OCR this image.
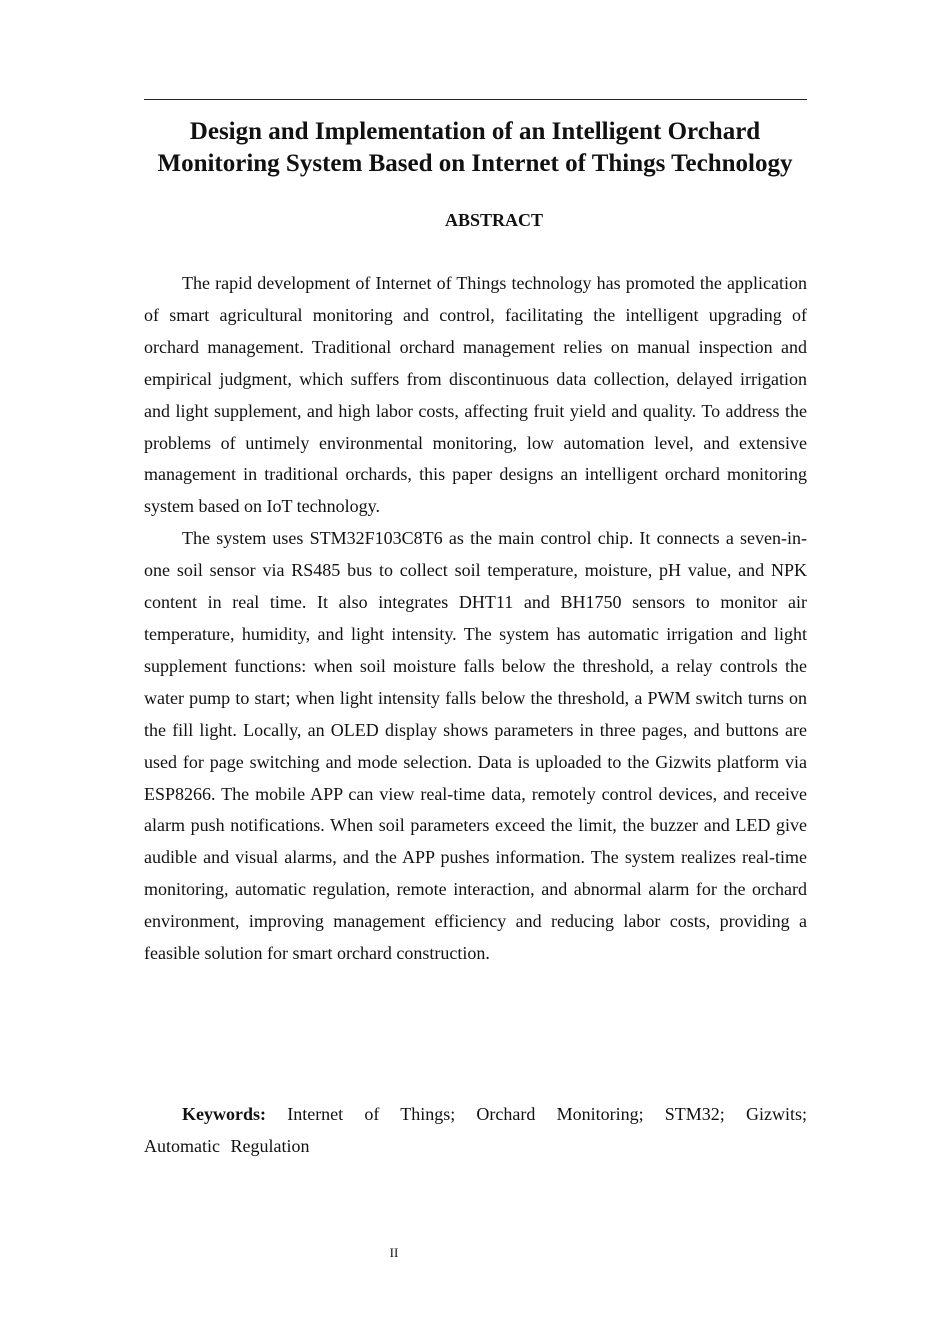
Design and Implementation of an Intelligent Orchard
Monitoring System Based on Internet of Things Technology
ABSTRACT

The rapid development of Internet of Things technology has promoted the application of smart agricultural monitoring and control, facilitating the intelligent upgrading of orchard management. Traditional orchard management relies on manual inspection and empirical judgment, which suffers from discontinuous data collection, delayed irrigation and light supplement, and high labor costs, affecting fruit yield and quality. To address the problems of untimely environmental monitoring, low automation level, and extensive management in traditional orchards, this paper designs an intelligent orchard monitoring system based on IoT technology.

The system uses STM32F103C8T6 as the main control chip. It connects a seven-in-one soil sensor via RS485 bus to collect soil temperature, moisture, pH value, and NPK content in real time. It also integrates DHT11 and BH1750 sensors to monitor air temperature, humidity, and light intensity. The system has automatic irrigation and light supplement functions: when soil moisture falls below the threshold, a relay controls the water pump to start; when light intensity falls below the threshold, a PWM switch turns on the fill light. Locally, an OLED display shows parameters in three pages, and buttons are used for page switching and mode selection. Data is uploaded to the Gizwits platform via ESP8266. The mobile APP can view real-time data, remotely control devices, and receive alarm push notifications. When soil parameters exceed the limit, the buzzer and LED give audible and visual alarms, and the APP pushes information. The system realizes real-time monitoring, automatic regulation, remote interaction, and abnormal alarm for the orchard environment, improving management efficiency and reducing labor costs, providing a feasible solution for smart orchard construction.

Keywords: Internet of Things; Orchard Monitoring; STM32; Gizwits; Automatic Regulation

II
